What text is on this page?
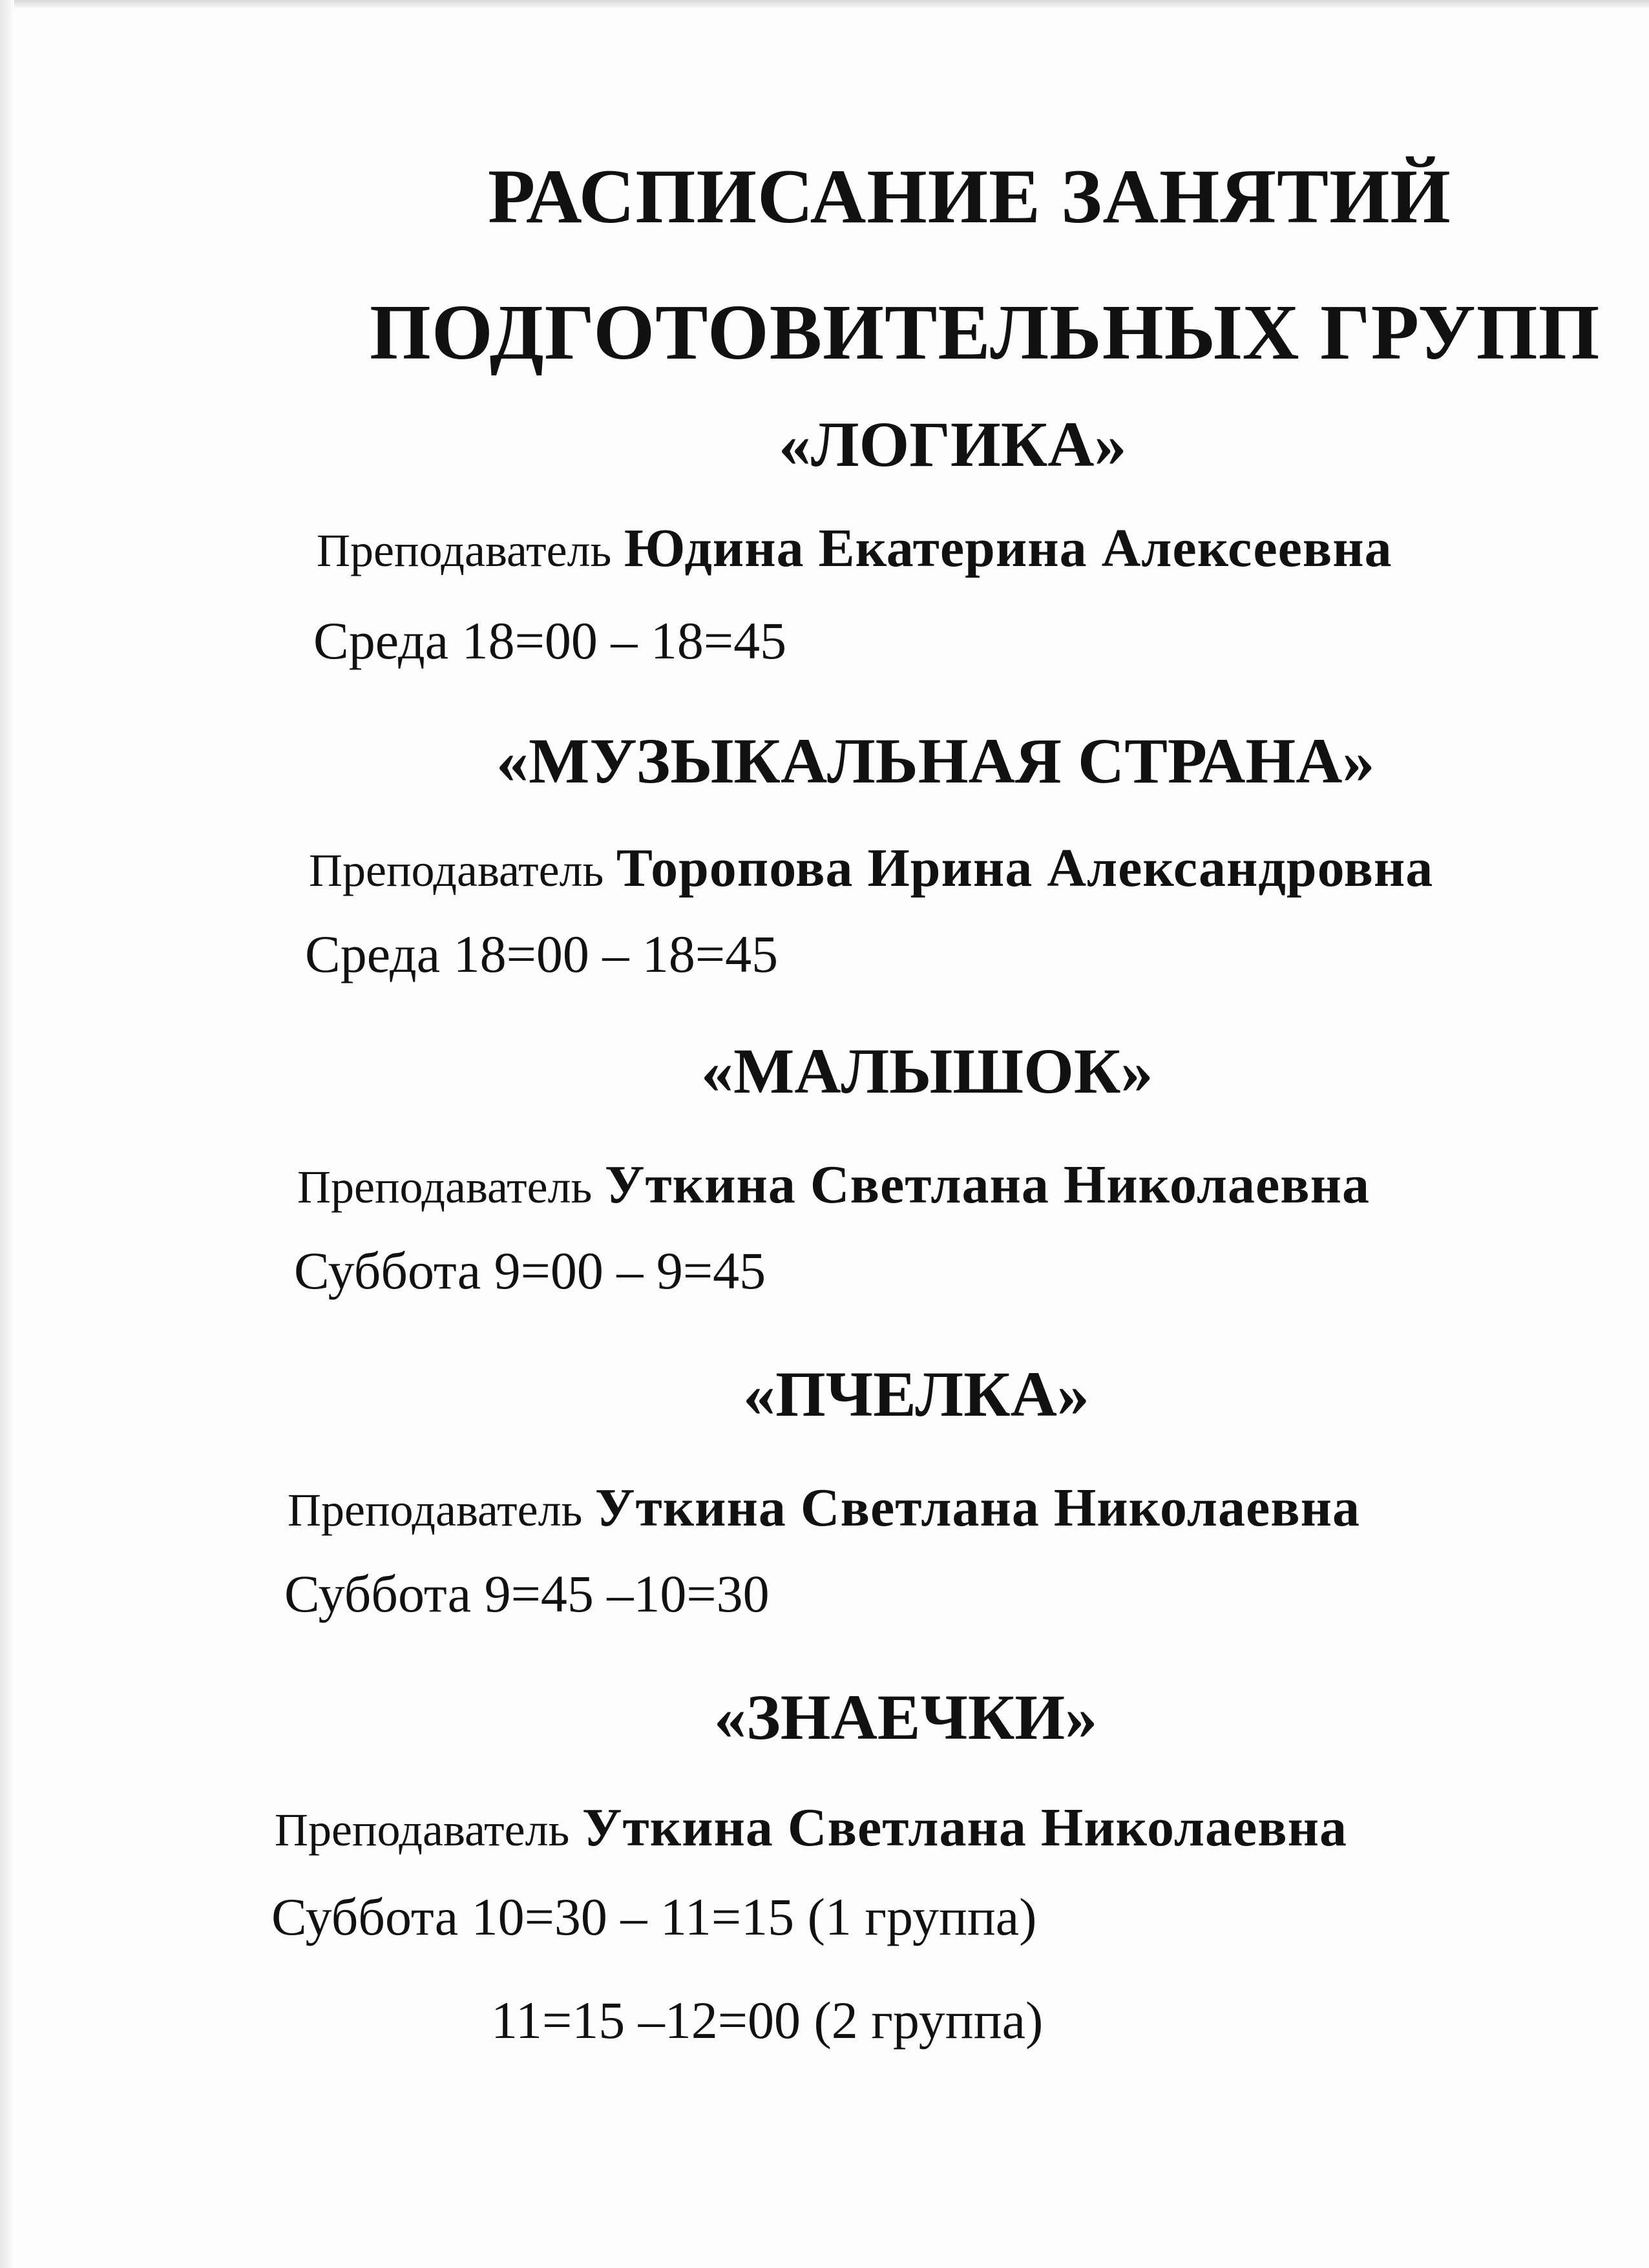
РАСПИСАНИЕ ЗАНЯТИЙ
ПОДГОТОВИТЕЛЬНЫХ ГРУПП
«ЛОГИКА»
Преподаватель Юдина Екатерина Алексеевна
Среда 18=00 – 18=45
«МУЗЫКАЛЬНАЯ СТРАНА»
Преподаватель Торопова Ирина Александровна
Среда 18=00 – 18=45
«МАЛЫШОК»
Преподаватель Уткина Светлана Николаевна
Суббота 9=00 – 9=45
«ПЧЕЛКА»
Преподаватель Уткина Светлана Николаевна
Суббота 9=45 –10=30
«ЗНАЕЧКИ»
Преподаватель Уткина Светлана Николаевна
Суббота 10=30 – 11=15 (1 группа)
11=15 –12=00 (2 группа)
